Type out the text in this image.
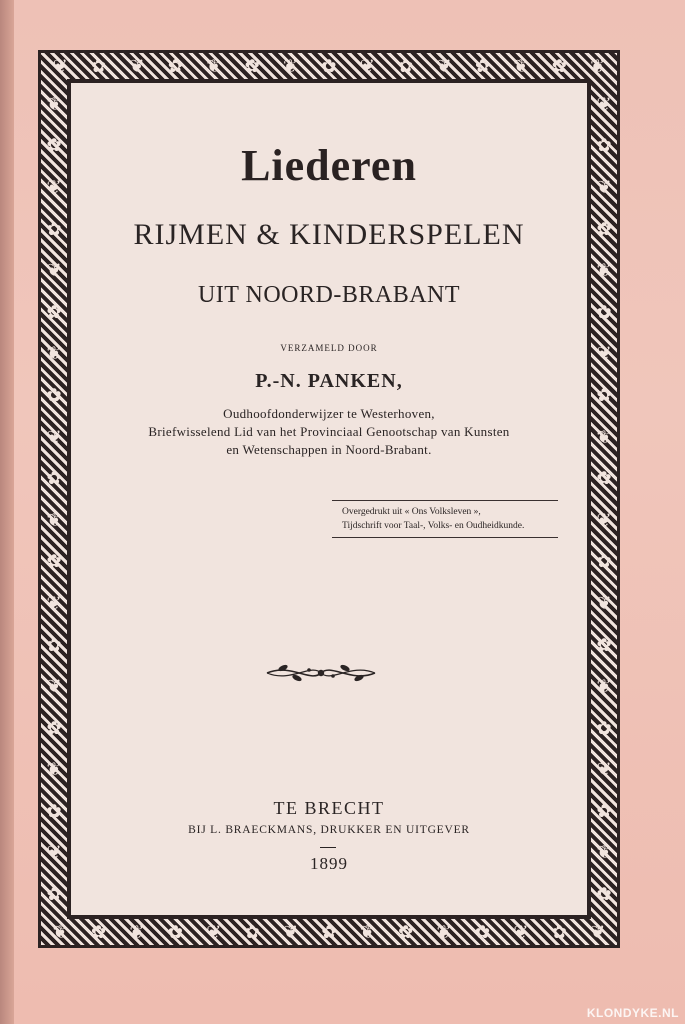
❦ ✿ ❦ ✿ ❦ ✿ ❦ ✿ ❦ ✿ ❦ ✿ ❦ ✿ ❦
❦ ✿ ❦ ✿ ❦ ✿ ❦ ✿ ❦ ✿ ❦ ✿ ❦ ✿ ❦
❦
✿
❦
✿
❦
✿
❦
✿
❦
✿
❦
✿
❦
✿
❦
✿
❦
✿
❦
✿
❦
✿
❦
✿
❦
✿
❦
✿
❦
✿
❦
✿
❦
✿
❦
✿
❦
✿
❦
✿
Liederen
RIJMEN & KINDERSPELEN
UIT NOORD-BRABANT
VERZAMELD DOOR
P.-N. PANKEN,
Oudhoofdonderwijzer te Westerhoven,
Briefwisselend Lid van het Provinciaal Genootschap van Kunsten
en Wetenschappen in Noord-Brabant.
Overgedrukt uit « Ons Volksleven »,
Tijdschrift voor Taal-, Volks- en Oudheidkunde.
TE BRECHT
BIJ L. BRAECKMANS, DRUKKER EN UITGEVER
1899
KLONDYKE.NL
